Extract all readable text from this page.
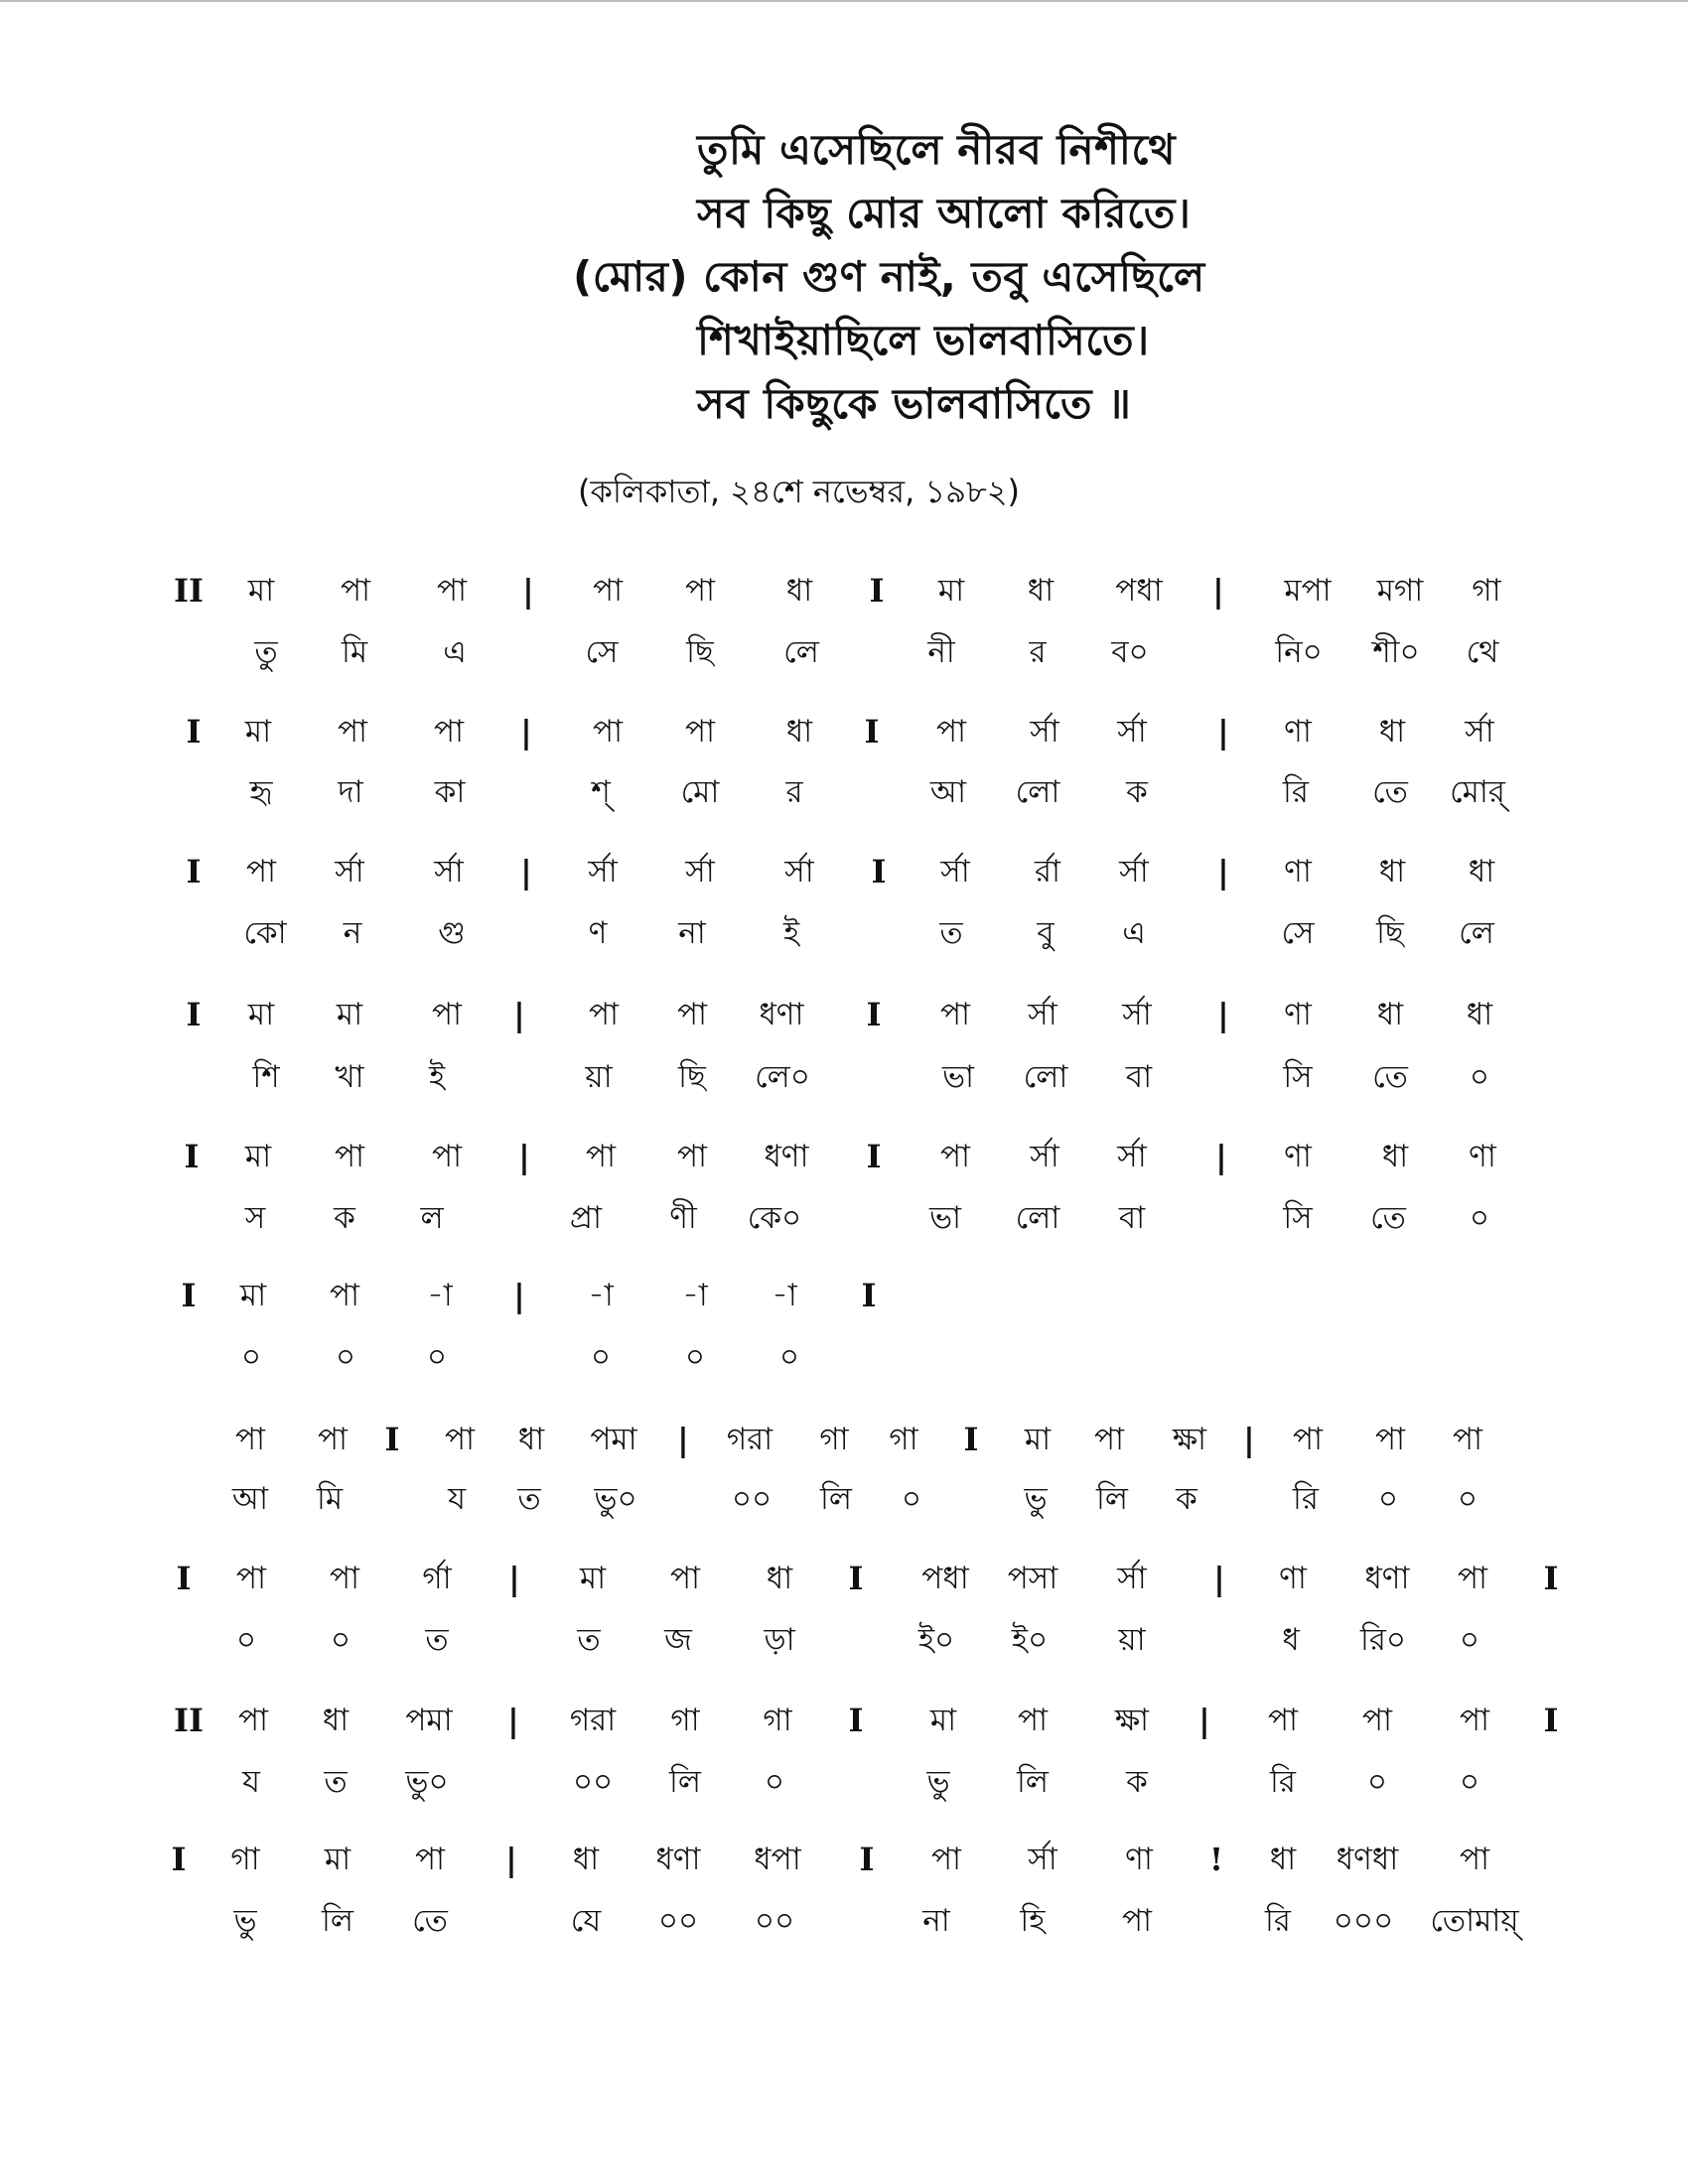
তুমি এসেছিলে নীরব নিশীথে
সব কিছু মোর আলো করিতে।
(মোর) কোন গুণ নাই, তবু এসেছিলে
শিখাইয়াছিলে ভালবাসিতে।
সব কিছুকে ভালবাসিতে ॥
(কলিকাতা, ২৪শে নভেম্বর, ১৯৮২)
II	মা	পা	পা	|	পা	পা	ধা	I	মা	ধা	পধা	|	মপা	মগা	গা
তু	মি	এ	সে	ছি	লে	নী	র	ব০	নি০	শী০	থে
I	মা	পা	পা	|	পা	পা	ধা	I	পা	র্সা	র্সা	|	ণা	ধা	র্সা
হৃ	দা	কা	শ্	মো	র	আ	লো	ক	রি	তে	মোর্
I	পা	র্সা	র্সা	|	র্সা	র্সা	র্সা	I	র্সা	র্রা	র্সা	|	ণা	ধা	ধা
কো	ন	গু	ণ	না	ই	ত	বু	এ	সে	ছি	লে
I	মা	মা	পা	|	পা	পা	ধণা	I	পা	র্সা	র্সা	|	ণা	ধা	ধা
শি	খা	ই	য়া	ছি	লে০	ভা	লো	বা	সি	তে	০
I	মা	পা	পা	|	পা	পা	ধণা	I	পা	র্সা	র্সা	|	ণা	ধা	ণা
স	ক	ল	প্রা	ণী	কে০	ভা	লো	বা	সি	তে	০
I	মা	পা	-া	|	-া	-া	-া	I
০	০	০	০	০	০
পা	পা	I	পা	ধা	পমা	|	গরা	গা	গা	I	মা	পা	ক্ষা	|	পা	পা	পা
আ	মি	য	ত	ভু০	০০	লি	০	ভু	লি	ক	রি	০	০
I	পা	পা	র্গা	|	মা	পা	ধা	I	পধা	পসা	র্সা	|	ণা	ধণা	পা	I
০	০	ত	ত	জ	ড়া	ই০	ই০	য়া	ধ	রি০	০
II	পা	ধা	পমা	|	গরা	গা	গা	I	মা	পা	ক্ষা	|	পা	পা	পা	I
য	ত	ভু০	০০	লি	০	ভু	লি	ক	রি	০	০
I	গা	মা	পা	|	ধা	ধণা	ধপা	I	পা	র্সা	ণা	!	ধা	ধণধা	পা
ভু	লি	তে	যে	০০	০০	না	হি	পা	রি	০০০	তোমায়্
